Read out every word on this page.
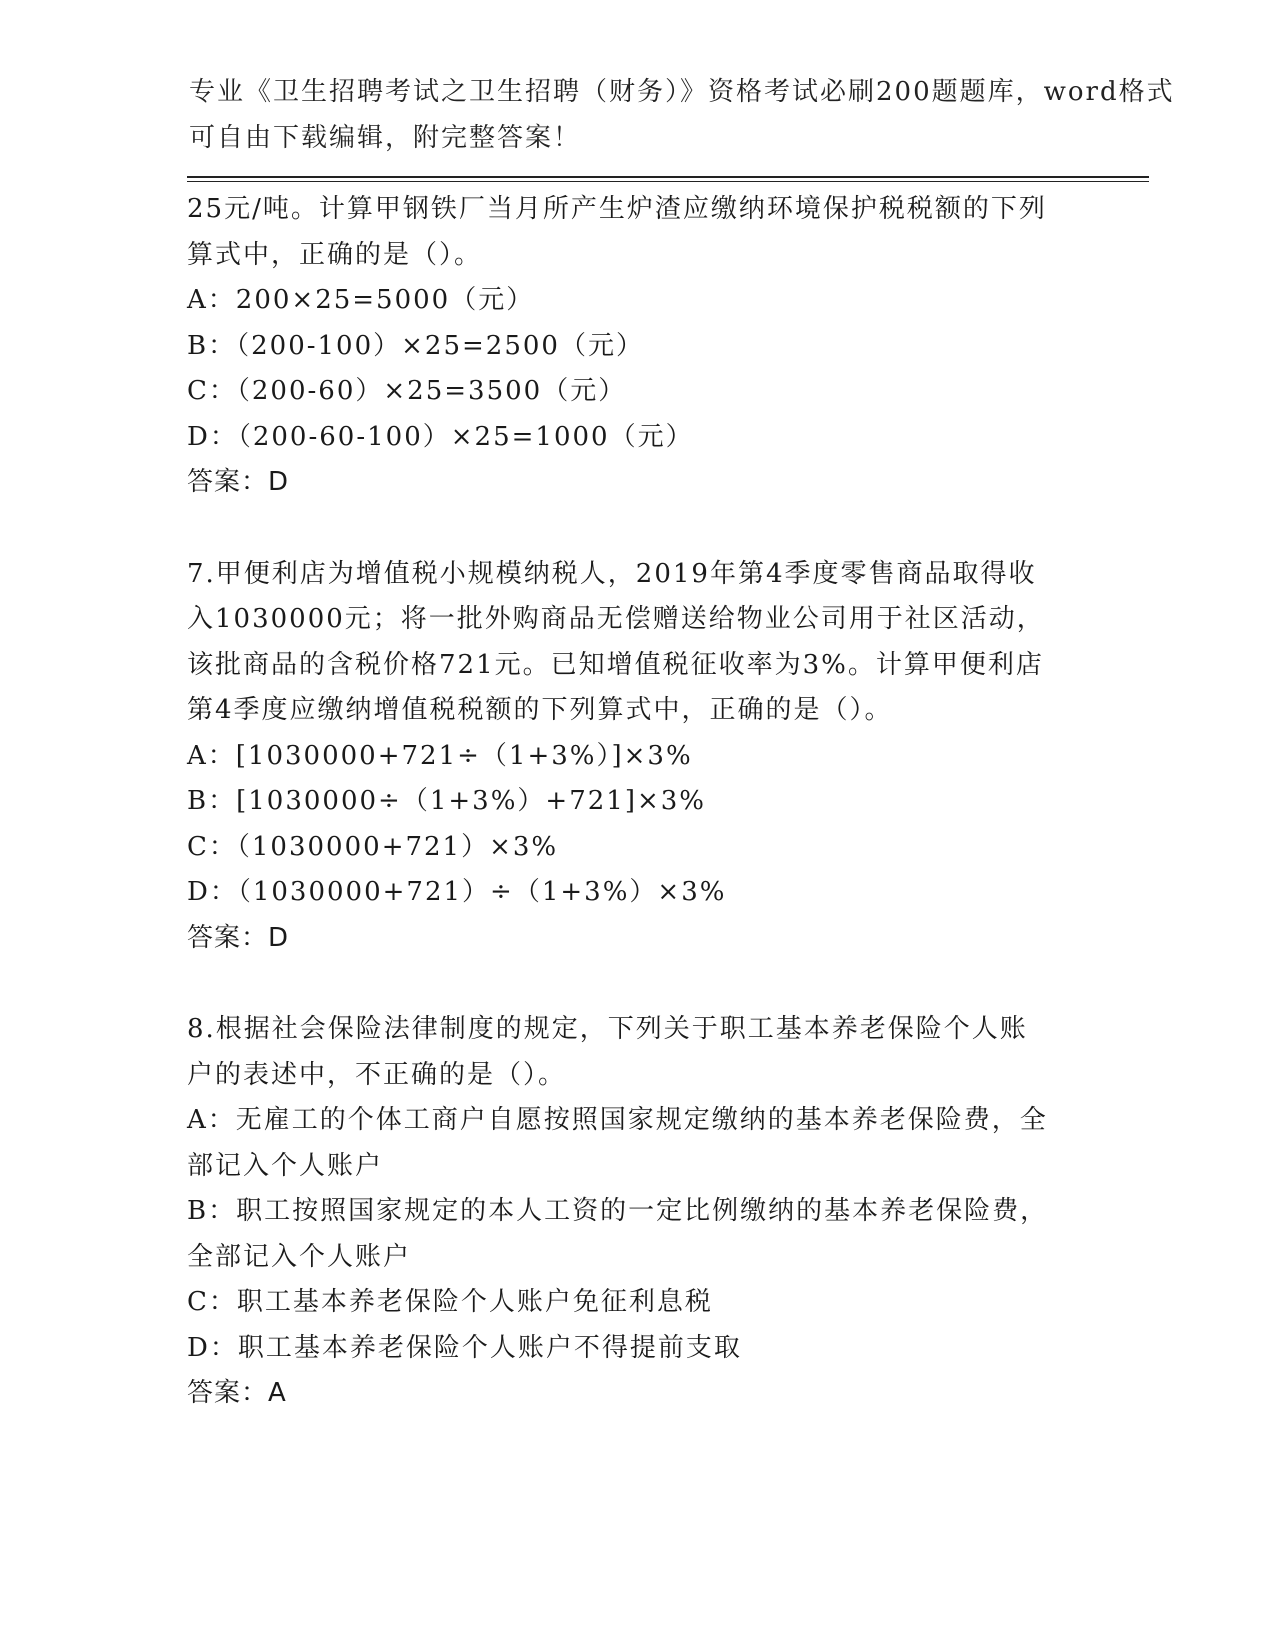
专业《卫生招聘考试之卫生招聘（财务）》资格考试必刷200题题库，word格式
可自由下载编辑，附完整答案！
25元/吨。计算甲钢铁厂当月所产生炉渣应缴纳环境保护税税额的下列
算式中，正确的是（）。
A：200×25=5000（元）
B：（200-100）×25=2500（元）
C：（200-60）×25=3500（元）
D：（200-60-100）×25=1000（元）
答案：D
7.甲便利店为增值税小规模纳税人，2019年第4季度零售商品取得收
入1030000元；将一批外购商品无偿赠送给物业公司用于社区活动，
该批商品的含税价格721元。已知增值税征收率为3%。计算甲便利店
第4季度应缴纳增值税税额的下列算式中，正确的是（）。
A：[1030000+721÷（1+3%）]×3%
B：[1030000÷（1+3%）+721]×3%
C：（1030000+721）×3%
D：（1030000+721）÷（1+3%）×3%
答案：D
8.根据社会保险法律制度的规定，下列关于职工基本养老保险个人账
户的表述中，不正确的是（）。
A：无雇工的个体工商户自愿按照国家规定缴纳的基本养老保险费，全
部记入个人账户
B：职工按照国家规定的本人工资的一定比例缴纳的基本养老保险费，
全部记入个人账户
C：职工基本养老保险个人账户免征利息税
D：职工基本养老保险个人账户不得提前支取
答案：A
